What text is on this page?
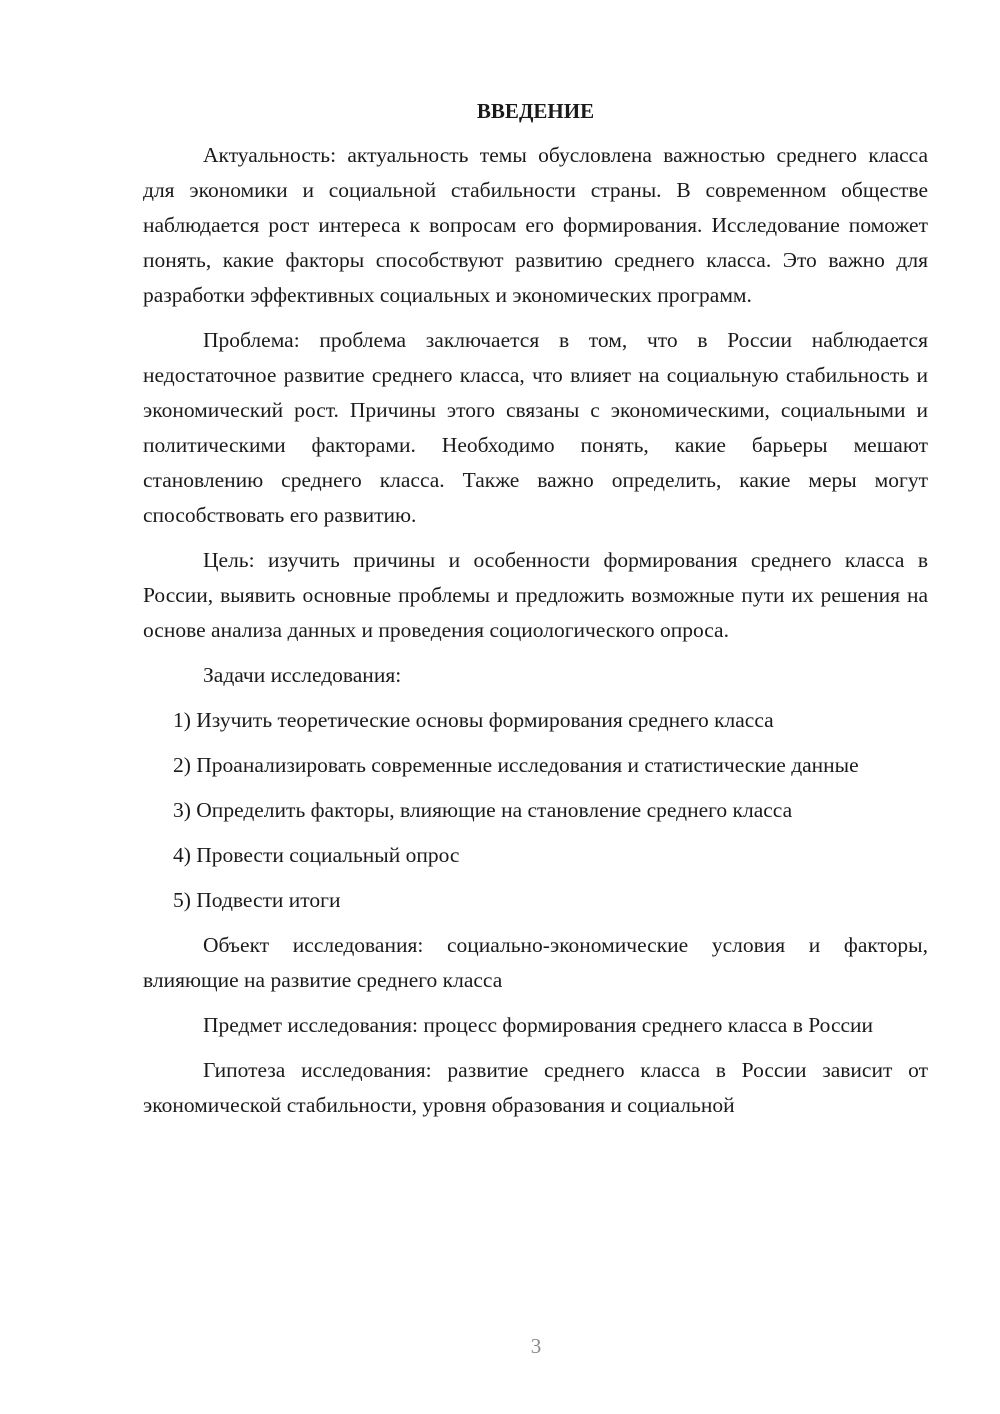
ВВЕДЕНИЕ

Актуальность: актуальность темы обусловлена важностью среднего класса для экономики и социальной стабильности страны. В современном обществе наблюдается рост интереса к вопросам его формирования. Исследование поможет понять, какие факторы способствуют развитию среднего класса. Это важно для разработки эффективных социальных и экономических программ.

Проблема: проблема заключается в том, что в России наблюдается недостаточное развитие среднего класса, что влияет на социальную стабильность и экономический рост. Причины этого связаны с экономическими, социальными и политическими факторами. Необходимо понять, какие барьеры мешают становлению среднего класса. Также важно определить, какие меры могут способствовать его развитию.

Цель: изучить причины и особенности формирования среднего класса в России, выявить основные проблемы и предложить возможные пути их решения на основе анализа данных и проведения социологического опроса.

Задачи исследования:

1) Изучить теоретические основы формирования среднего класса

2) Проанализировать современные исследования и статистические данные

3) Определить факторы, влияющие на становление среднего класса

4) Провести социальный опрос

5) Подвести итоги

Объект исследования: социально-экономические условия и факторы, влияющие на развитие среднего класса

Предмет исследования: процесс формирования среднего класса в России

Гипотеза исследования: развитие среднего класса в России зависит от экономической стабильности, уровня образования и социальной

3
